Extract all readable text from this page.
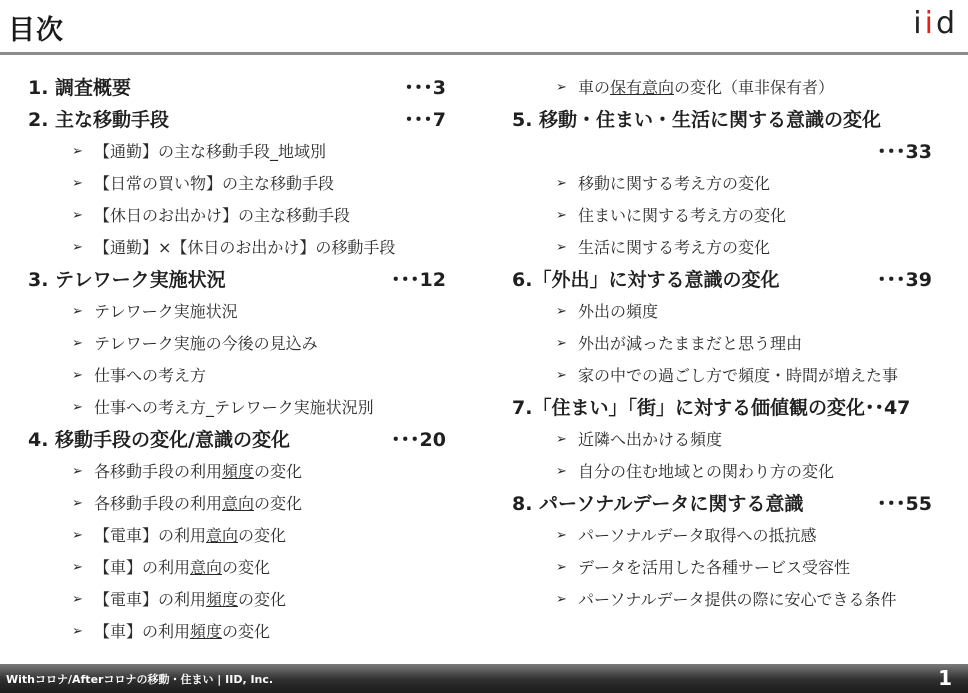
目次	iid
1. 調査概要	･･･3
2. 主な移動手段	･･･7
➢ 【通勤】の主な移動手段_地域別
➢ 【日常の買い物】の主な移動手段
➢ 【休日のお出かけ】の主な移動手段
➢ 【通勤】×【休日のお出かけ】の移動手段
3. テレワーク実施状況	･･･12
➢ テレワーク実施状況
➢ テレワーク実施の今後の見込み
➢ 仕事への考え方
➢ 仕事への考え方_テレワーク実施状況別
4. 移動手段の変化/意識の変化	･･･20
➢ 各移動手段の利用頻度の変化
➢ 各移動手段の利用意向の変化
➢ 【電車】の利用意向の変化
➢ 【車】の利用意向の変化
➢ 【電車】の利用頻度の変化
➢ 【車】の利用頻度の変化
➢ 車の保有意向の変化（車非保有者）
5. 移動・住まい・生活に関する意識の変化
･･･33
➢ 移動に関する考え方の変化
➢ 住まいに関する考え方の変化
➢ 生活に関する考え方の変化
6.「外出」に対する意識の変化	･･･39
➢ 外出の頻度
➢ 外出が減ったままだと思う理由
➢ 家の中での過ごし方で頻度・時間が増えた事
7.「住まい」「街」に対する価値観の変化･･47
➢ 近隣へ出かける頻度
➢ 自分の住む地域との関わり方の変化
8. パーソナルデータに関する意識	･･･55
➢ パーソナルデータ取得への抵抗感
➢ データを活用した各種サービス受容性
➢ パーソナルデータ提供の際に安心できる条件
Withコロナ/Afterコロナの移動・住まい | IID, Inc.	1
